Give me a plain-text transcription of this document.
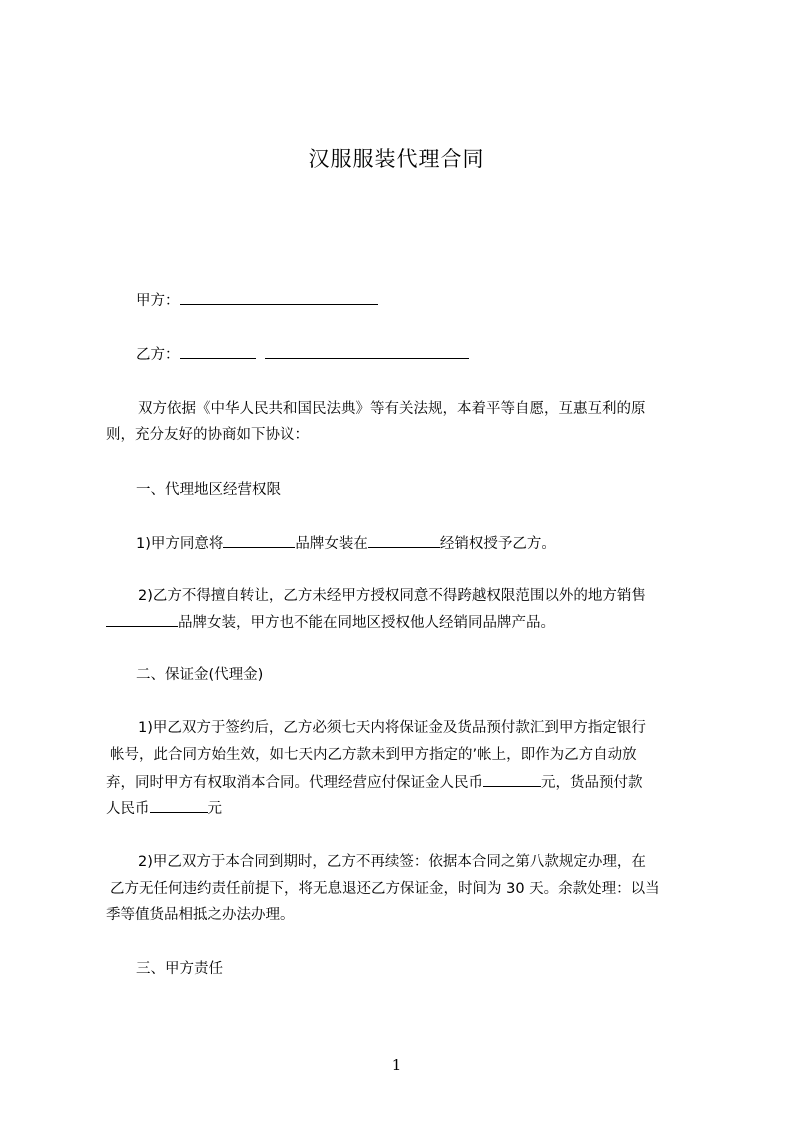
汉服服装代理合同
甲方：
乙方：
双方依据《中华人民共和国民法典》等有关法规，本着平等自愿，互惠互利的原
则，充分友好的协商如下协议：
一、代理地区经营权限
1)甲方同意将	品牌女装在	经销权授予乙方。
2)乙方不得擅自转让，乙方未经甲方授权同意不得跨越权限范围以外的地方销售
品牌女装，甲方也不能在同地区授权他人经销同品牌产品。
二、保证金(代理金)
1)甲乙双方于签约后，乙方必须七天内将保证金及货品预付款汇到甲方指定银行
帐号，此合同方始生效，如七天内乙方款未到甲方指定的’帐上，即作为乙方自动放
弃，同时甲方有权取消本合同。代理经营应付保证金人民币	元，货品预付款
人民币	元
2)甲乙双方于本合同到期时，乙方不再续签：依据本合同之第八款规定办理，在
乙方无任何违约责任前提下，将无息退还乙方保证金，时间为 30 天。余款处理：以当
季等值货品相抵之办法办理。
三、甲方责任
1
